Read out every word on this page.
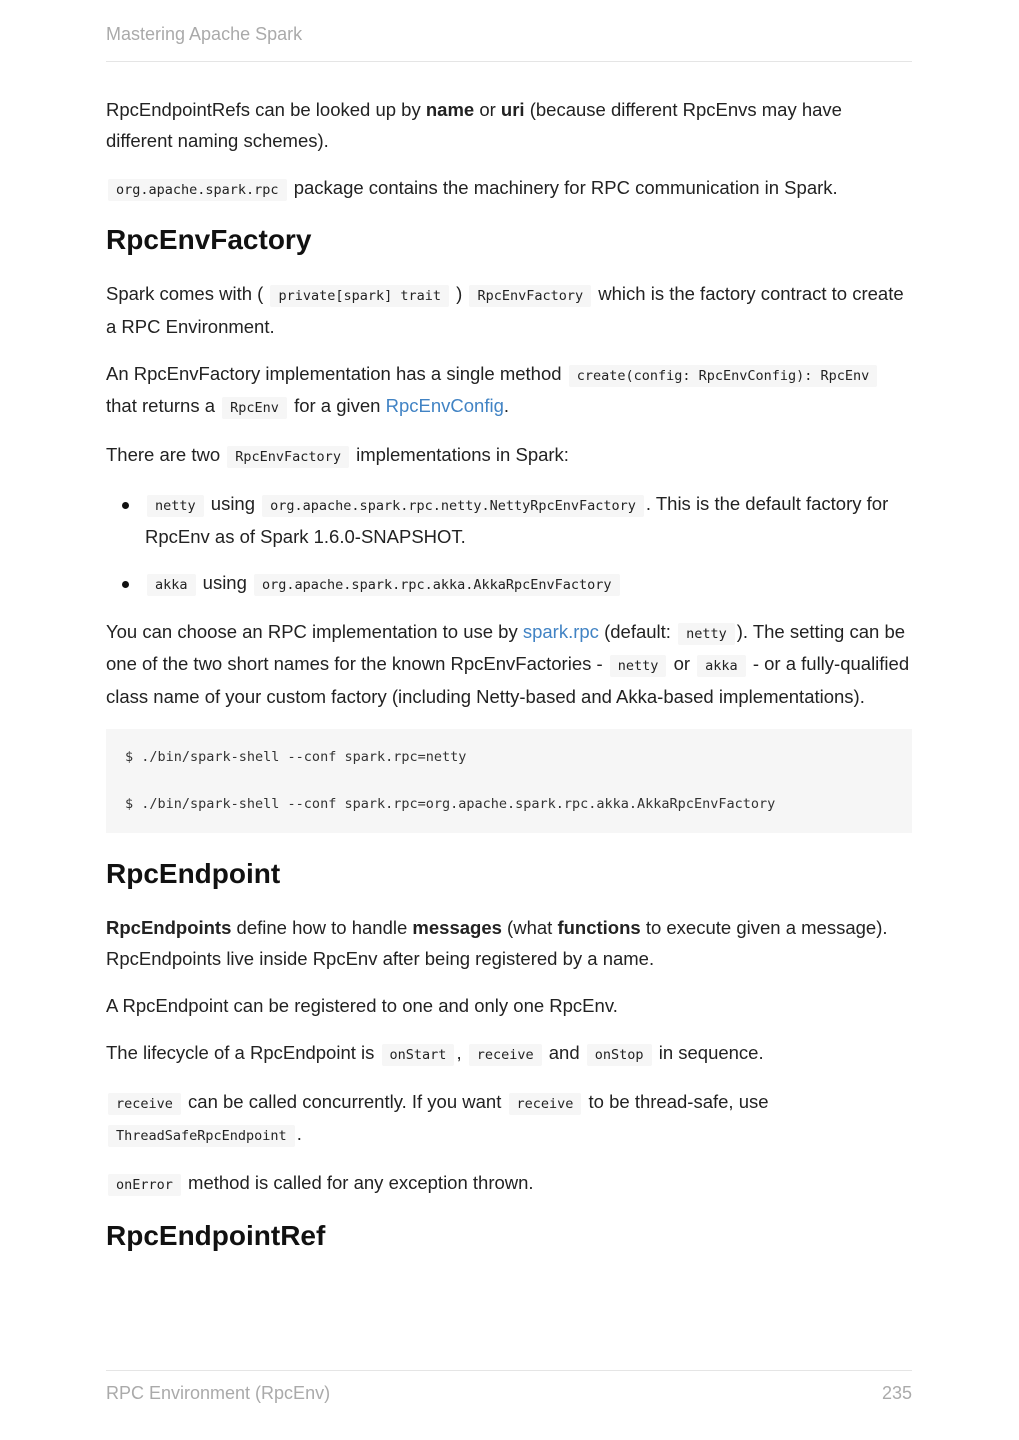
Mastering Apache Spark

RpcEndpointRefs can be looked up by name or uri (because different RpcEnvs may have different naming schemes).

org.apache.spark.rpc package contains the machinery for RPC communication in Spark.

RpcEnvFactory

Spark comes with ( private[spark] trait ) RpcEnvFactory which is the factory contract to create a RPC Environment.

An RpcEnvFactory implementation has a single method create(config: RpcEnvConfig): RpcEnv that returns a RpcEnv for a given RpcEnvConfig.

There are two RpcEnvFactory implementations in Spark:

netty using org.apache.spark.rpc.netty.NettyRpcEnvFactory . This is the default factory for RpcEnv as of Spark 1.6.0-SNAPSHOT.
akka using org.apache.spark.rpc.akka.AkkaRpcEnvFactory

You can choose an RPC implementation to use by spark.rpc (default: netty ). The setting can be one of the two short names for the known RpcEnvFactories - netty or akka - or a fully-qualified class name of your custom factory (including Netty-based and Akka-based implementations).

$ ./bin/spark-shell --conf spark.rpc=netty
$ ./bin/spark-shell --conf spark.rpc=org.apache.spark.rpc.akka.AkkaRpcEnvFactory
RpcEndpoint

RpcEndpoints define how to handle messages (what functions to execute given a message). RpcEndpoints live inside RpcEnv after being registered by a name.

A RpcEndpoint can be registered to one and only one RpcEnv.

The lifecycle of a RpcEndpoint is onStart , receive and onStop in sequence.

receive can be called concurrently. If you want receive to be thread-safe, use ThreadSafeRpcEndpoint .

onError method is called for any exception thrown.

RpcEndpointRef
RPC Environment (RpcEnv)	235
